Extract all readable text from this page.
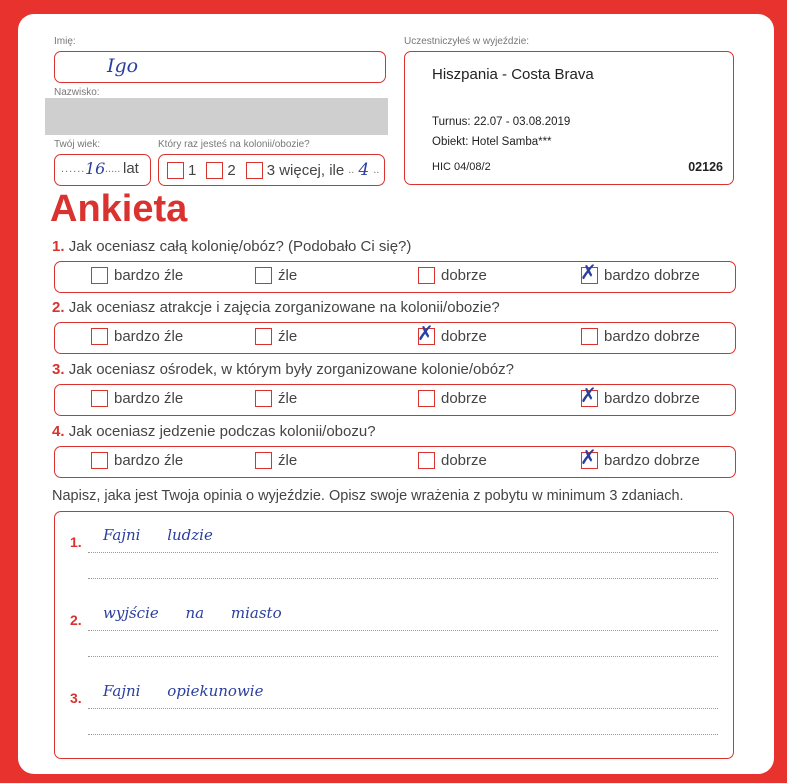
Imię:
Igo
Nazwisko:
Twój wiek:
...... 16 ..... lat
Który raz jesteś na kolonii/obozie?
1 2 3 więcej, ile .. 4 ..
Uczestniczyłeś w wyjeździe:
Hiszpania - Costa Brava
Turnus: 22.07 - 03.08.2019
Obiekt: Hotel Samba***
HIC 04/08/2	02126
Ankieta
1. Jak oceniasz całą kolonię/obóz? (Podobało Ci się?)
bardzo źle	źle	dobrze	✗ bardzo dobrze
2. Jak oceniasz atrakcje i zajęcia zorganizowane na kolonii/obozie?
bardzo źle	źle	✗ dobrze	bardzo dobrze
3. Jak oceniasz ośrodek, w którym były zorganizowane kolonie/obóz?
bardzo źle	źle	dobrze	✗ bardzo dobrze
4. Jak oceniasz jedzenie podczas kolonii/obozu?
bardzo źle	źle	dobrze	✗ bardzo dobrze
Napisz, jaka jest Twoja opinia o wyjeździe. Opisz swoje wrażenia z pobytu w minimum 3 zdaniach.
1. Fajni ludzie
2. wyjście na miasto
3. Fajni opiekunowie
